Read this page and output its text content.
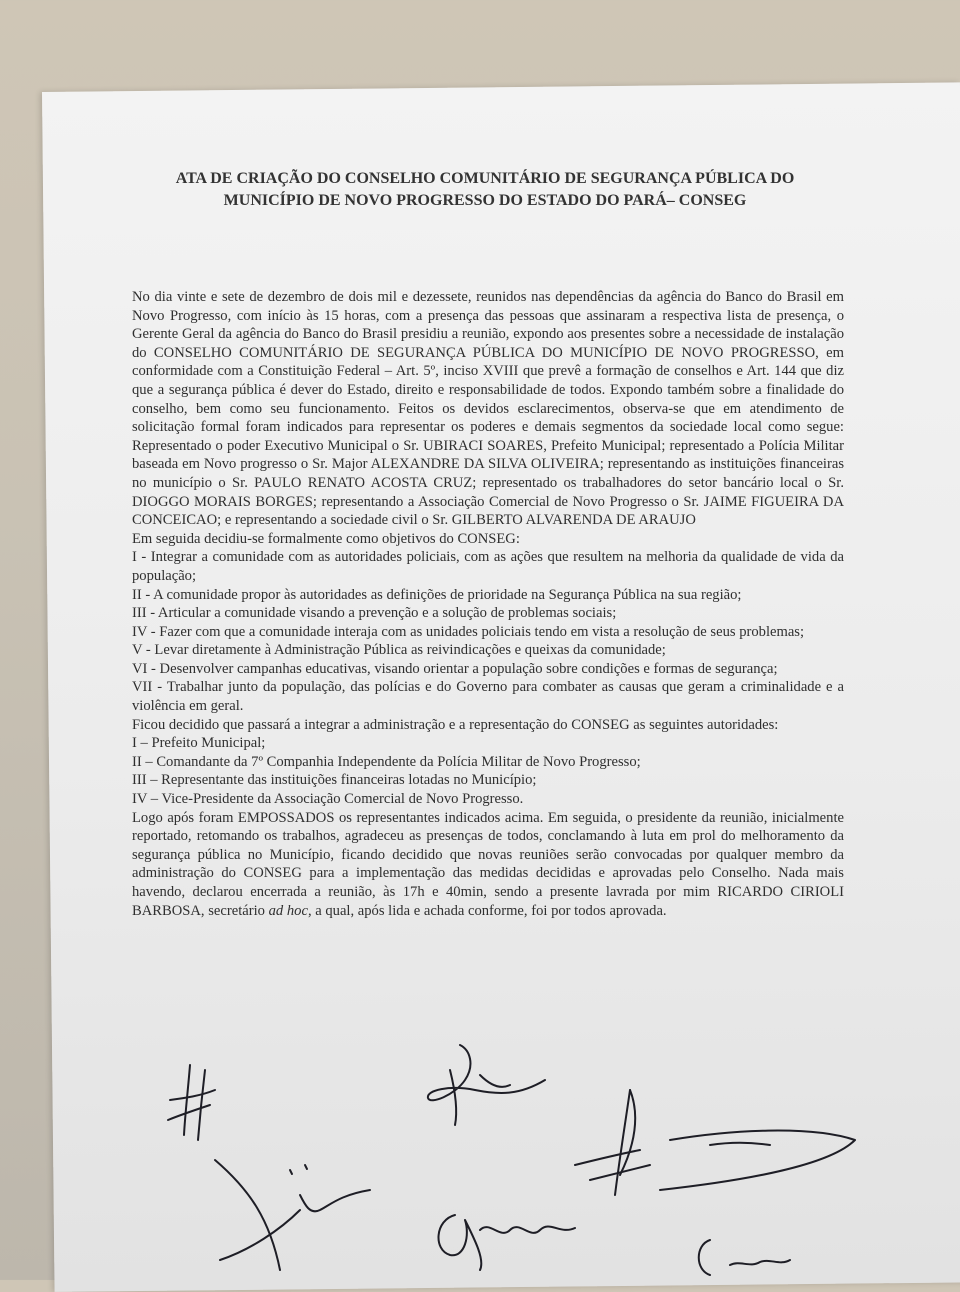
ATA DE CRIAÇÃO DO CONSELHO COMUNITÁRIO DE SEGURANÇA PÚBLICA DO MUNICÍPIO DE NOVO PROGRESSO DO ESTADO DO PARÁ– CONSEG

No dia vinte e sete de dezembro de dois mil e dezessete, reunidos nas dependências da agência do Banco do Brasil em Novo Progresso, com início às 15 horas, com a presença das pessoas que assinaram a respectiva lista de presença, o Gerente Geral da agência do Banco do Brasil presidiu a reunião, expondo aos presentes sobre a necessidade de instalação do CONSELHO COMUNITÁRIO DE SEGURANÇA PÚBLICA DO MUNICÍPIO DE NOVO PROGRESSO, em conformidade com a Constituição Federal – Art. 5º, inciso XVIII que prevê a formação de conselhos e Art. 144 que diz que a segurança pública é dever do Estado, direito e responsabilidade de todos. Expondo também sobre a finalidade do conselho, bem como seu funcionamento. Feitos os devidos esclarecimentos, observa-se que em atendimento de solicitação formal foram indicados para representar os poderes e demais segmentos da sociedade local como segue: Representado o poder Executivo Municipal o Sr. UBIRACI SOARES, Prefeito Municipal; representado a Polícia Militar baseada em Novo progresso o Sr. Major ALEXANDRE DA SILVA OLIVEIRA; representando as instituições financeiras no município o Sr. PAULO RENATO ACOSTA CRUZ; representado os trabalhadores do setor bancário local o Sr. DIOGGO MORAIS BORGES; representando a Associação Comercial de Novo Progresso o Sr. JAIME FIGUEIRA DA CONCEICAO; e representando a sociedade civil o Sr. GILBERTO ALVARENDA DE ARAUJO

Em seguida decidiu-se formalmente como objetivos do CONSEG:

I - Integrar a comunidade com as autoridades policiais, com as ações que resultem na melhoria da qualidade de vida da população;

II - A comunidade propor às autoridades as definições de prioridade na Segurança Pública na sua região;

III - Articular a comunidade visando a prevenção e a solução de problemas sociais;

IV - Fazer com que a comunidade interaja com as unidades policiais tendo em vista a resolução de seus problemas;

V - Levar diretamente à Administração Pública as reivindicações e queixas da comunidade;

VI - Desenvolver campanhas educativas, visando orientar a população sobre condições e formas de segurança;

VII - Trabalhar junto da população, das polícias e do Governo para combater as causas que geram a criminalidade e a violência em geral.

Ficou decidido que passará a integrar a administração e a representação do CONSEG as seguintes autoridades:

I – Prefeito Municipal;

II – Comandante da 7º Companhia Independente da Polícia Militar de Novo Progresso;

III – Representante das instituições financeiras lotadas no Município;

IV – Vice-Presidente da Associação Comercial de Novo Progresso.

Logo após foram EMPOSSADOS os representantes indicados acima. Em seguida, o presidente da reunião, inicialmente reportado, retomando os trabalhos, agradeceu as presenças de todos, conclamando à luta em prol do melhoramento da segurança pública no Município, ficando decidido que novas reuniões serão convocadas por qualquer membro da administração do CONSEG para a implementação das medidas decididas e aprovadas pelo Conselho. Nada mais havendo, declarou encerrada a reunião, às 17h e 40min, sendo a presente lavrada por mim RICARDO CIRIOLI BARBOSA, secretário ad hoc, a qual, após lida e achada conforme, foi por todos aprovada.
